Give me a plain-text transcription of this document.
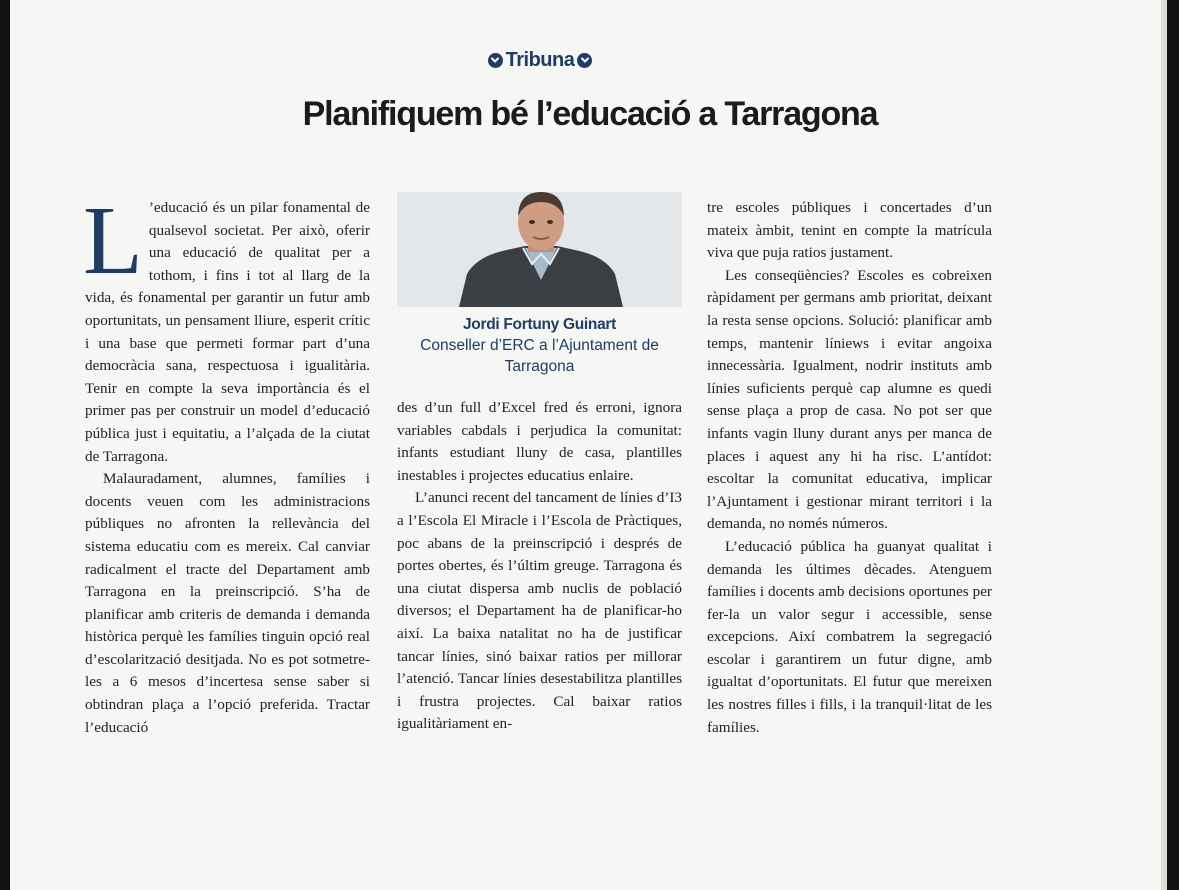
Tribuna
Planifiquem bé l’educació a Tarragona

L ’educació és un pilar fonamental de qualsevol societat. Per això, oferir una educació de qualitat per a tothom, i fins i tot al llarg de la vida, és fonamental per garantir un futur amb oportunitats, un pensament lliure, esperit crític i una base que permeti formar part d’una democràcia sana, respectuosa i igualitària. Tenir en compte la seva importància és el primer pas per construir un model d’educació pública just i equitatiu, a l’alçada de la ciutat de Tarragona.

Malauradament, alumnes, famílies i docents veuen com les administracions públiques no afronten la rellevància del sistema educatiu com es mereix. Cal canviar radicalment el tracte del Departament amb Tarragona en la preinscripció. S’ha de planificar amb criteris de demanda i demanda històrica perquè les famílies tinguin opció real d’escolarització desitjada. No es pot sotmetre-les a 6 mesos d’incertesa sense saber si obtindran plaça a l’opció preferida. Tractar l’educació

Jordi Fortuny Guinart
Conseller d’ERC a l’Ajuntament de Tarragona

des d’un full d’Excel fred és erroni, ignora variables cabdals i perjudica la comunitat: infants estudiant lluny de casa, plantilles inestables i projectes educatius enlaire.

L’anunci recent del tancament de línies d’I3 a l’Escola El Miracle i l’Escola de Pràctiques, poc abans de la preinscripció i després de portes obertes, és l’últim greuge. Tarragona és una ciutat dispersa amb nuclis de població diversos; el Departament ha de planificar-ho així. La baixa natalitat no ha de justificar tancar línies, sinó baixar ratios per millorar l’atenció. Tancar línies desestabilitza plantilles i frustra projectes. Cal baixar ratios igualitàriament en-

tre escoles públiques i concertades d’un mateix àmbit, tenint en compte la matrícula viva que puja ratios justament.

Les conseqüències? Escoles es cobreixen ràpidament per germans amb prioritat, deixant la resta sense opcions. Solució: planificar amb temps, mantenir líniews i evitar angoixa innecessària. Igualment, nodrir instituts amb línies suficients perquè cap alumne es quedi sense plaça a prop de casa. No pot ser que infants vagin lluny durant anys per manca de places i aquest any hi ha risc. L’antídot: escoltar la comunitat educativa, implicar l’Ajuntament i gestionar mirant territori i la demanda, no només números.

L’educació pública ha guanyat qualitat i demanda les últimes dècades. Atenguem famílies i docents amb decisions oportunes per fer-la un valor segur i accessible, sense excepcions. Així combatrem la segregació escolar i garantirem un futur digne, amb igualtat d’oportunitats. El futur que mereixen les nostres filles i fills, i la tranquil·litat de les famílies.
